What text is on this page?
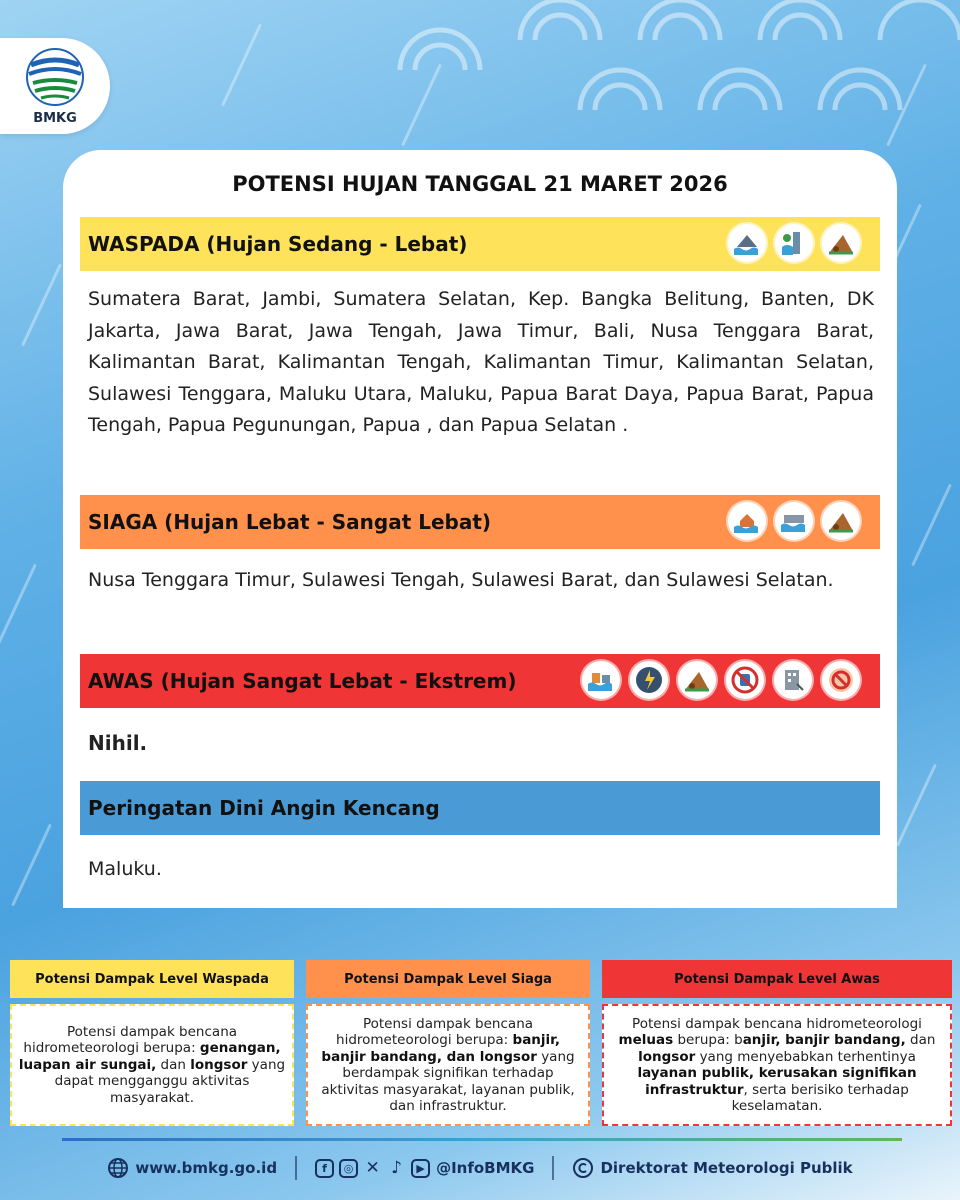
BMKG
POTENSI HUJAN TANGGAL 21 MARET 2026
WASPADA (Hujan Sedang - Lebat)
Sumatera Barat, Jambi, Sumatera Selatan, Kep. Bangka Belitung, Banten, DK Jakarta, Jawa Barat, Jawa Tengah, Jawa Timur, Bali, Nusa Tenggara Barat, Kalimantan Barat, Kalimantan Tengah, Kalimantan Timur, Kalimantan Selatan, Sulawesi Tenggara, Maluku Utara, Maluku, Papua Barat Daya, Papua Barat, Papua Tengah, Papua Pegunungan, Papua , dan Papua Selatan .
SIAGA (Hujan Lebat - Sangat Lebat)
Nusa Tenggara Timur, Sulawesi Tengah, Sulawesi Barat, dan Sulawesi Selatan.
AWAS (Hujan Sangat Lebat - Ekstrem)
Nihil.
Peringatan Dini Angin Kencang
Maluku.
Potensi Dampak Level Waspada
Potensi dampak bencana hidrometeorologi berupa: genangan, luapan air sungai, dan longsor yang dapat mengganggu aktivitas masyarakat.
Potensi Dampak Level Siaga
Potensi dampak bencana hidrometeorologi berupa: banjir, banjir bandang, dan longsor yang berdampak signifikan terhadap aktivitas masyarakat, layanan publik, dan infrastruktur.
Potensi Dampak Level Awas
Potensi dampak bencana hidrometeorologi meluas berupa: banjir, banjir bandang, dan longsor yang menyebabkan terhentinya layanan publik, kerusakan signifikan infrastruktur, serta berisiko terhadap keselamatan.
www.bmkg.go.id	f	◎ ✕ ♪	▶ @InfoBMKG	Direktorat Meteorologi Publik
